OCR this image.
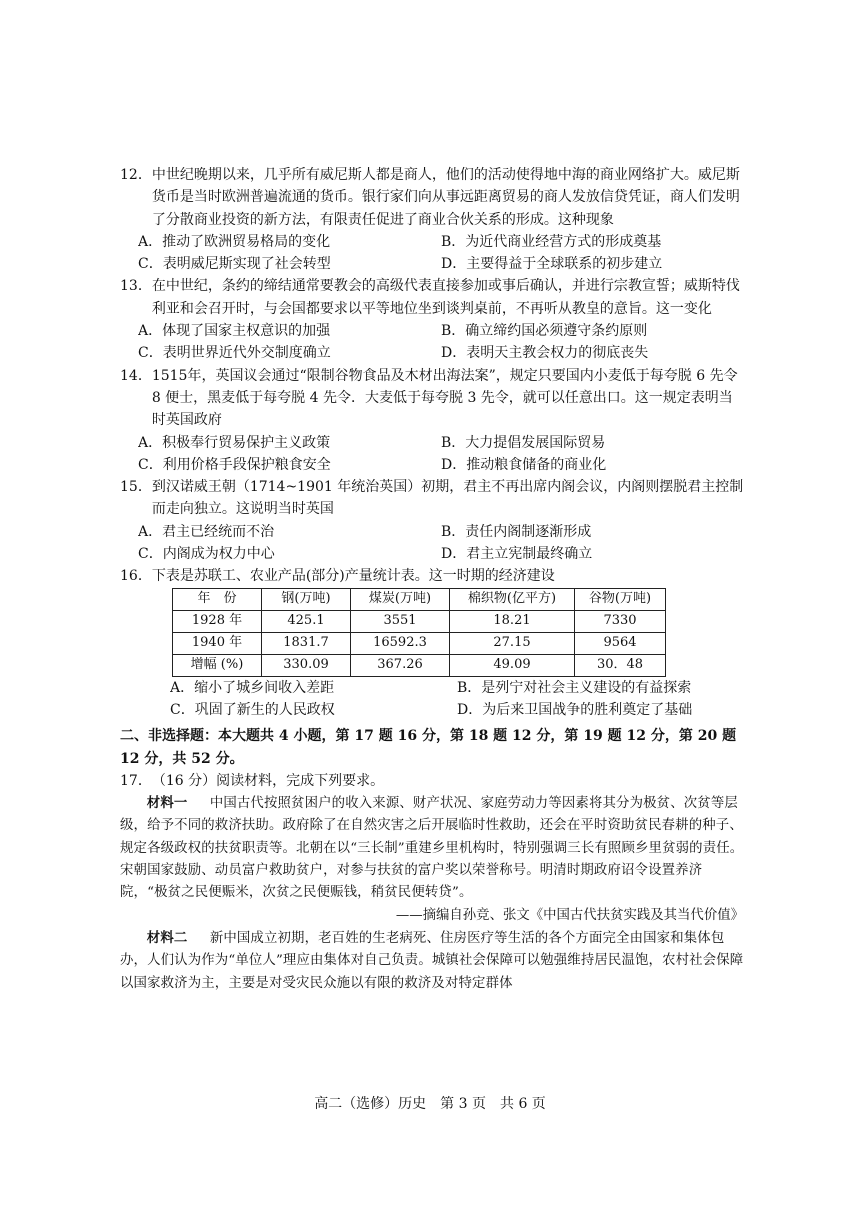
12． 中世纪晚期以来，几乎所有威尼斯人都是商人，他们的活动使得地中海的商业网络扩大。威尼斯货币是当时欧洲普遍流通的货币。银行家们向从事远距离贸易的商人发放信贷凭证，商人们发明了分散商业投资的新方法，有限责任促进了商业合伙关系的形成。这种现象
A．推动了欧洲贸易格局的变化	B．为近代商业经营方式的形成奠基
C．表明威尼斯实现了社会转型	D．主要得益于全球联系的初步建立
13． 在中世纪，条约的缔结通常要教会的高级代表直接参加或事后确认，并进行宗教宣誓；威斯特伐利亚和会召开时，与会国都要求以平等地位坐到谈判桌前，不再听从教皇的意旨。这一变化
A．体现了国家主权意识的加强	B．确立缔约国必须遵守条约原则
C．表明世界近代外交制度确立	D．表明天主教会权力的彻底丧失
14． 1515年，英国议会通过“限制谷物食品及木材出海法案”，规定只要国内小麦低于每夸脱 6 先令 8 便士，黑麦低于每夸脱 4 先令．大麦低于每夸脱 3 先令，就可以任意出口。这一规定表明当时英国政府
A．积极奉行贸易保护主义政策	B．大力提倡发展国际贸易
C．利用价格手段保护粮食安全	D．推动粮食储备的商业化
15． 到汉诺威王朝（1714~1901 年统治英国）初期，君主不再出席内阁会议，内阁则摆脱君主控制而走向独立。这说明当时英国
A．君主已经统而不治	B．责任内阁制逐渐形成
C．内阁成为权力中心	D．君主立宪制最终确立
16． 下表是苏联工、农业产品(部分)产量统计表。这一时期的经济建设
年　份	钢(万吨)	煤炭(万吨)	棉织物(亿平方)	谷物(万吨)
1928 年	425.1	3551	18.21	7330
1940 年	1831.7	16592.3	27.15	9564
增幅 (%)	330.09	367.26	49.09	30．48
A．缩小了城乡间收入差距	B．是列宁对社会主义建设的有益探索
C．巩固了新生的人民政权	D．为后来卫国战争的胜利奠定了基础
二、非选择题：本大题共 4 小题，第 17 题 16 分，第 18 题 12 分，第 19 题 12 分，第 20 题 12 分，共 52 分。
17． （16 分）阅读材料，完成下列要求。
材料一 　 中国古代按照贫困户的收入来源、财产状况、家庭劳动力等因素将其分为极贫、次贫等层级，给予不同的救济扶助。政府除了在自然灾害之后开展临时性救助，还会在平时资助贫民春耕的种子、规定各级政权的扶贫职责等。北朝在以“三长制”重建乡里机构时，特别强调三长有照顾乡里贫弱的责任。宋朝国家鼓励、动员富户救助贫户，对参与扶贫的富户奖以荣誉称号。明清时期政府诏令设置养济院，“极贫之民便赈米，次贫之民便赈钱，稍贫民便转贷”。
——摘编自孙竞、张文《中国古代扶贫实践及其当代价值》
材料二 　 新中国成立初期，老百姓的生老病死、住房医疗等生活的各个方面完全由国家和集体包办，人们认为作为“单位人”理应由集体对自己负责。城镇社会保障可以勉强维持居民温饱，农村社会保障以国家救济为主，主要是对受灾民众施以有限的救济及对特定群体
高二（选修）历史　第 3 页　共 6 页
